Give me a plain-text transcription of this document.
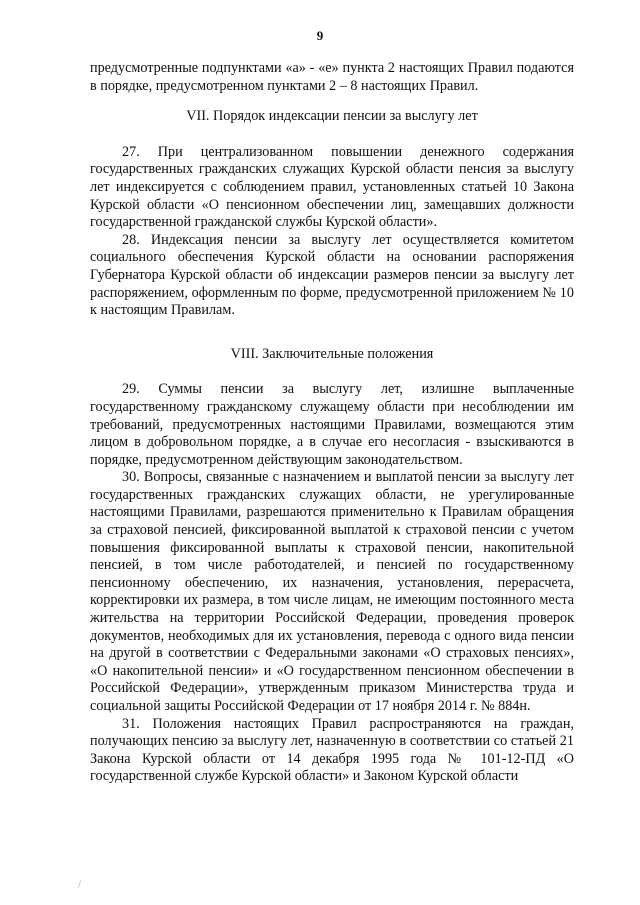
9

предусмотренные подпунктами «а» - «е» пункта 2 настоящих Правил подаются в порядке, предусмотренном пунктами 2 – 8 настоящих Правил.

VII. Порядок индексации пенсии за выслугу лет

27. При централизованном повышении денежного содержания государственных гражданских служащих Курской области пенсия за выслугу лет индексируется с соблюдением правил, установленных статьей 10 Закона Курской области «О пенсионном обеспечении лиц, замещавших должности государственной гражданской службы Курской области».

28. Индексация пенсии за выслугу лет осуществляется комитетом социального обеспечения Курской области на основании распоряжения Губернатора Курской области об индексации размеров пенсии за выслугу лет распоряжением, оформленным по форме, предусмотренной приложением № 10 к настоящим Правилам.

VIII. Заключительные положения

29. Суммы пенсии за выслугу лет, излишне выплаченные государственному гражданскому служащему области при несоблюдении им требований, предусмотренных настоящими Правилами, возмещаются этим лицом в добровольном порядке, а в случае его несогласия - взыскиваются в порядке, предусмотренном действующим законодательством.

30. Вопросы, связанные с назначением и выплатой пенсии за выслугу лет государственных гражданских служащих области, не урегулированные настоящими Правилами, разрешаются применительно к Правилам обращения за страховой пенсией, фиксированной выплатой к страховой пенсии с учетом повышения фиксированной выплаты к страховой пенсии, накопительной пенсией, в том числе работодателей, и пенсией по государственному пенсионному обеспечению, их назначения, установления, перерасчета, корректировки их размера, в том числе лицам, не имеющим постоянного места жительства на территории Российской Федерации, проведения проверок документов, необходимых для их установления, перевода с одного вида пенсии на другой в соответствии с Федеральными законами «О страховых пенсиях», «О накопительной пенсии» и «О государственном пенсионном обеспечении в Российской Федерации», утвержденным приказом Министерства труда и социальной защиты Российской Федерации от 17 ноября 2014 г. № 884н.

31. Положения настоящих Правил распространяются на граждан, получающих пенсию за выслугу лет, назначенную в соответствии со статьей 21 Закона Курской области от 14 декабря 1995 года № 101-12-ПД «О государственной службе Курской области» и Законом Курской области
